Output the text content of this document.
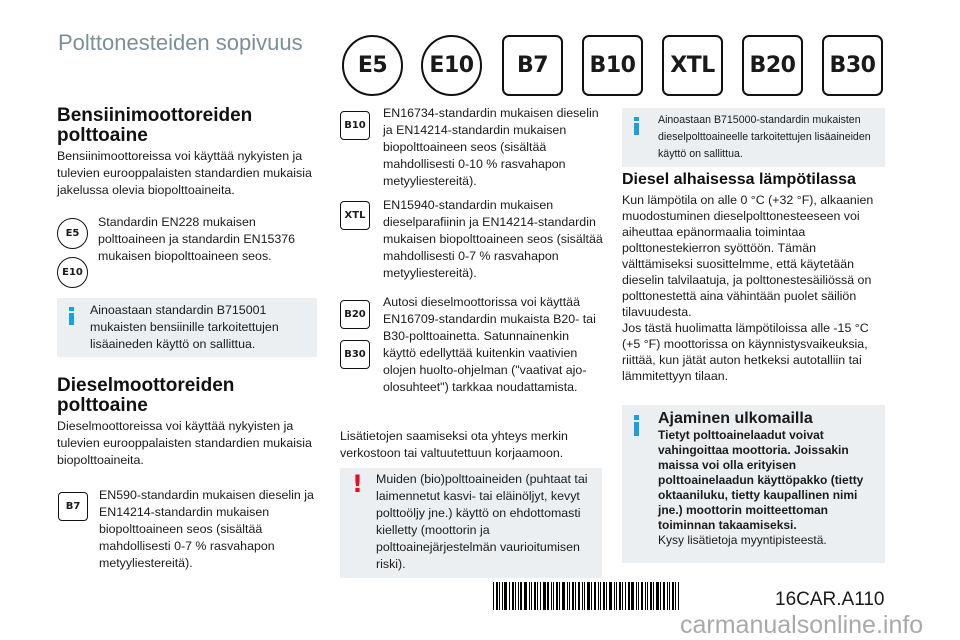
Polttonesteiden sopivuus
E5	E10	B7	B10	XTL	B20	B30
Bensiinimoottoreiden polttoaine
Bensiinimoottoreissa voi käyttää nykyisten ja tulevien eurooppalaisten standardien mukaisia jakelussa olevia biopolttoaineita.
E5
E10
Standardin EN228 mukaisen polttoaineen ja standardin EN15376 mukaisen biopolttoaineen seos.
Ainoastaan standardin B715001 mukaisten bensiinille tarkoitettujen lisäaineden käyttö on sallittua.
Dieselmoottoreiden polttoaine
Dieselmoottoreissa voi käyttää nykyisten ja tulevien eurooppalaisten standardien mukaisia biopolttoaineita.
B7
EN590-standardin mukaisen dieselin ja EN14214-standardin mukaisen biopolttoaineen seos (sisältää mahdollisesti 0-7 % rasvahapon metyyliestereitä).
B10
EN16734-standardin mukaisen dieselin ja EN14214-standardin mukaisen biopolttoaineen seos (sisältää mahdollisesti 0-10 % rasvahapon metyyliestereitä).
XTL
EN15940-standardin mukaisen dieselparafiinin ja EN14214-standardin mukaisen biopolttoaineen seos (sisältää mahdollisesti 0-7 % rasvahapon metyyliestereitä).
B20
B30
Autosi dieselmoottorissa voi käyttää EN16709-standardin mukaista B20- tai B30-polttoainetta. Satunnainenkin käyttö edellyttää kuitenkin vaativien olojen huolto-ohjelman ("vaativat ajo-olosuhteet") tarkkaa noudattamista.
Lisätietojen saamiseksi ota yhteys merkin verkostoon tai valtuutettuun korjaamoon.
! Muiden (bio)polttoaineiden (puhtaat tai laimennetut kasvi- tai eläinöljyt, kevyt polttoöljy jne.) käyttö on ehdottomasti kielletty (moottorin ja polttoainejärjestelmän vaurioitumisen riski).
Ainoastaan B715000-standardin mukaisten dieselpolttoaineelle tarkoitettujen lisäaineiden käyttö on sallittua.
Diesel alhaisessa lämpötilassa
Kun lämpötila on alle 0 °C (+32 °F), alkaanien muodostuminen dieselpolttonesteeseen voi aiheuttaa epänormaalia toimintaa polttonestekierron syöttöön. Tämän välttämiseksi suosittelmme, että käytetään dieselin talvilaatuja, ja polttonestesäiliössä on polttonestettä aina vähintään puolet säiliön tilavuudesta.
Jos tästä huolimatta lämpötiloissa alle -15 °C (+5 °F) moottorissa on käynnistysvaikeuksia, riittää, kun jätät auton hetkeksi autotalliin tai lämmitettyyn tilaan.
Ajaminen ulkomailla
Tietyt polttoainelaadut voivat vahingoittaa moottoria. Joissakin maissa voi olla erityisen polttoainelaadun käyttöpakko (tietty oktaaniluku, tietty kaupallinen nimi jne.) moottorin moitteettoman toiminnan takaamiseksi.
Kysy lisätietoja myyntipisteestä.
16CAR.A110
carmanualsonline.info
